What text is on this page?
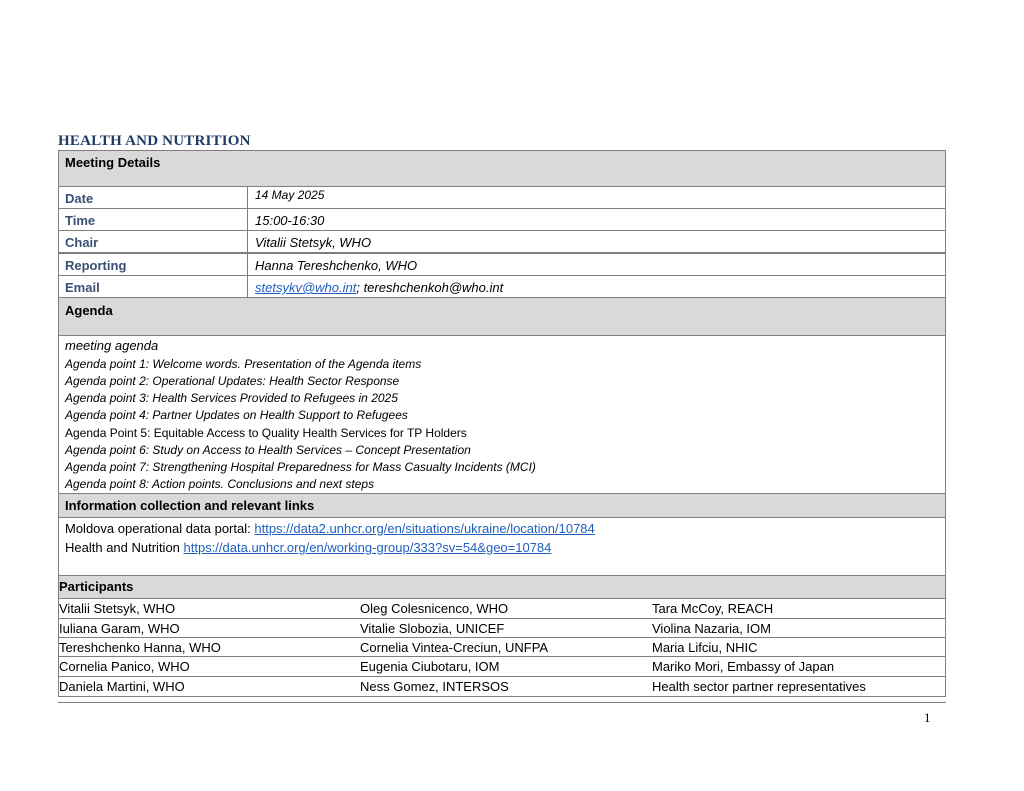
HEALTH AND NUTRITION
Meeting Details
Date	14 May 2025
Time	15:00-16:30
Chair	Vitalii Stetsyk, WHO
Reporting	Hanna Tereshchenko, WHO
Email	stetsykv@who.int; tereshchenkoh@who.int
Agenda
meeting agenda
Agenda point 1: Welcome words. Presentation of the Agenda items
Agenda point 2: Operational Updates: Health Sector Response
Agenda point 3: Health Services Provided to Refugees in 2025
Agenda point 4: Partner Updates on Health Support to Refugees
Agenda Point 5: Equitable Access to Quality Health Services for TP Holders
Agenda point 6: Study on Access to Health Services – Concept Presentation
Agenda point 7: Strengthening Hospital Preparedness for Mass Casualty Incidents (MCI)
Agenda point 8: Action points. Conclusions and next steps
Information collection and relevant links
Moldova operational data portal: https://data2.unhcr.org/en/situations/ukraine/location/10784
Health and Nutrition https://data.unhcr.org/en/working-group/333?sv=54&geo=10784
Participants
Vitalii Stetsyk, WHO	Oleg Colesnicenco, WHO	Tara McCoy, REACH
Iuliana Garam, WHO	Vitalie Slobozia, UNICEF	Violina Nazaria, IOM
Tereshchenko Hanna, WHO	Cornelia Vintea-Creciun, UNFPA	Maria Lifciu, NHIC
Cornelia Panico, WHO	Eugenia Ciubotaru, IOM	Mariko Mori, Embassy of Japan
Daniela Martini, WHO	Ness Gomez, INTERSOS	Health sector partner representatives
1
